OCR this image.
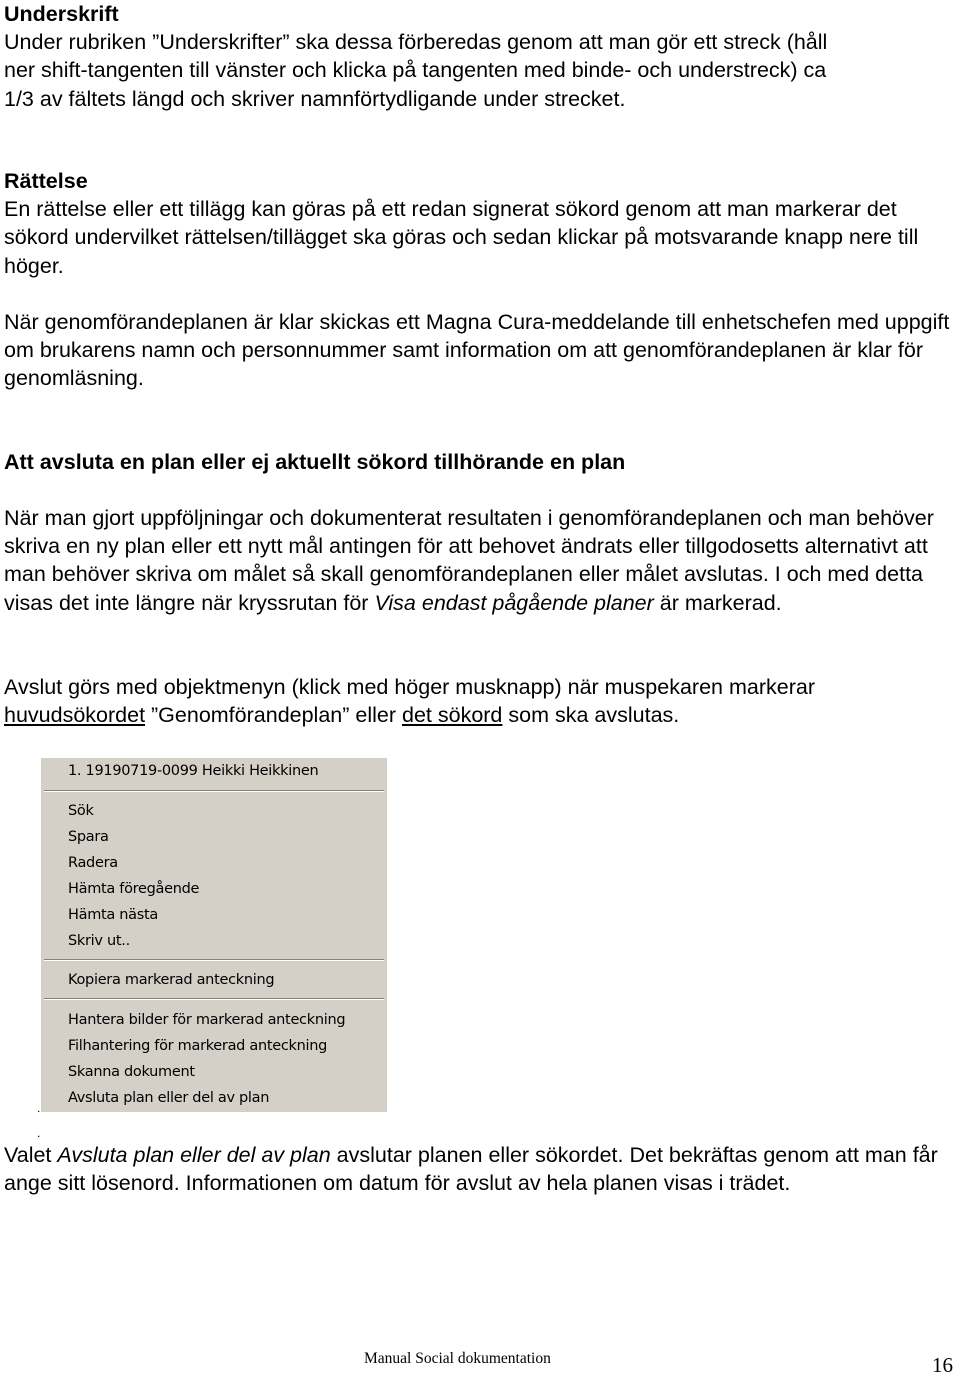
Underskrift
Under rubriken ”Underskrifter” ska dessa förberedas genom att man gör ett streck (håll ner shift-tangenten till vänster och klicka på tangenten med binde- och understreck) ca 1/3 av fältets längd och skriver namnförtydligande under strecket.
Rättelse
En rättelse eller ett tillägg kan göras på ett redan signerat sökord genom att man markerar det sökord undervilket rättelsen/tillägget ska göras och sedan klickar på motsvarande knapp nere till höger.
När genomförandeplanen är klar skickas ett Magna Cura-meddelande till enhetschefen med uppgift om brukarens namn och personnummer samt information om att genomförandeplanen är klar för genomläsning.
Att avsluta en plan eller ej aktuellt sökord tillhörande en plan
När man gjort uppföljningar och dokumenterat resultaten i genomförandeplanen och man behöver skriva en ny plan eller ett nytt mål antingen för att behovet ändrats eller tillgodosetts alternativt att man behöver skriva om målet så skall genomförandeplanen eller målet avslutas. I och med detta visas det inte längre när kryssrutan för Visa endast pågående planer är markerad.
Avslut görs med objektmenyn (klick med höger musknapp) när muspekaren markerar huvudsökordet ”Genomförandeplan” eller det sökord som ska avslutas.
1. 19190719-0099 Heikki Heikkinen
Sök
Spara
Radera
Hämta föregående
Hämta nästa
Skriv ut..
Kopiera markerad anteckning
Hantera bilder för markerad anteckning
Filhantering för markerad anteckning
Skanna dokument
Avsluta plan eller del av plan
.
.
Valet Avsluta plan eller del av plan avslutar planen eller sökordet. Det bekräftas genom att man får ange sitt lösenord. Informationen om datum för avslut av hela planen visas i trädet.
Manual Social dokumentation	16
